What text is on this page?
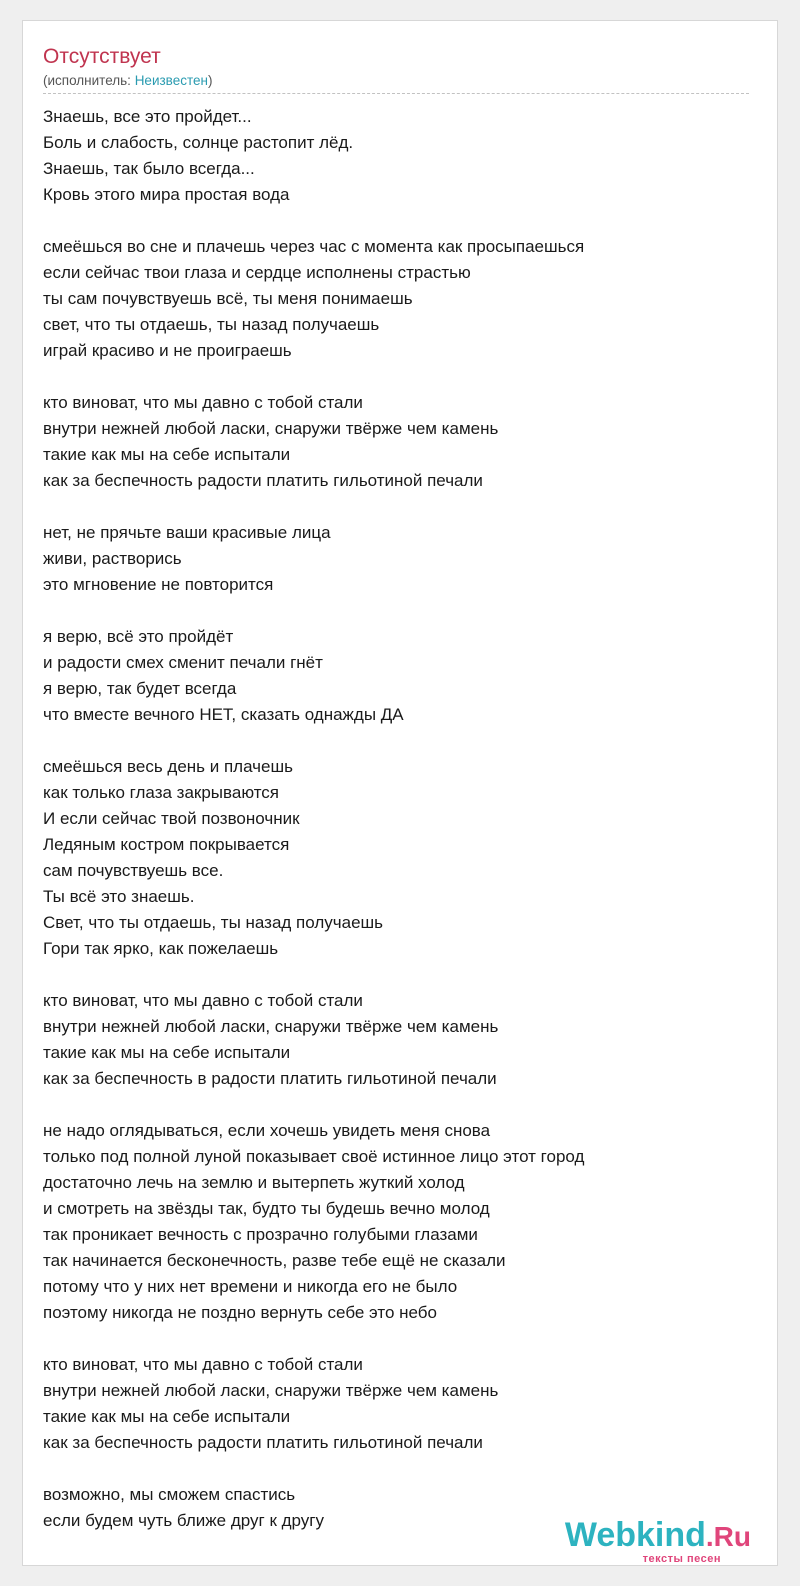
Отсутствует
(исполнитель: Неизвестен)
Знаешь, все это пройдет...
Боль и слабость, солнце растопит лёд.
Знаешь, так было всегда...
Кровь этого мира простая вода
смеёшься во сне и плачешь через час с момента как просыпаешься
если сейчас твои глаза и сердце исполнены страстью
ты сам почувствуешь всё, ты меня понимаешь
свет, что ты отдаешь, ты назад получаешь
играй красиво и не проиграешь
кто виноват, что мы давно с тобой стали
внутри нежней любой ласки, снаружи твёрже чем камень
такие как мы на себе испытали
как за беспечность радости платить гильотиной печали
нет, не прячьте ваши красивые лица
живи, растворись
это мгновение не повторится
я верю, всё это пройдёт
и радости смех сменит печали гнёт
я верю, так будет всегда
что вместе вечного НЕТ, сказать однажды ДА
смеёшься весь день и плачешь
как только глаза закрываются
И если сейчас твой позвоночник
Ледяным костром покрывается
сам почувствуешь все.
Ты всё это знаешь.
Свет, что ты отдаешь, ты назад получаешь
Гори так ярко, как пожелаешь
кто виноват, что мы давно с тобой стали
внутри нежней любой ласки, снаружи твёрже чем камень
такие как мы на себе испытали
как за беспечность в радости платить гильотиной печали
не надо оглядываться, если хочешь увидеть меня снова
только под полной луной показывает своё истинное лицо этот город
достаточно лечь на землю и вытерпеть жуткий холод
и смотреть на звёзды так, будто ты будешь вечно молод
так проникает вечность с прозрачно голубыми глазами
так начинается бесконечность, разве тебе ещё не сказали
потому что у них нет времени и никогда его не было
поэтому никогда не поздно вернуть себе это небо
кто виноват, что мы давно с тобой стали
внутри нежней любой ласки, снаружи твёрже чем камень
такие как мы на себе испытали
как за беспечность радости платить гильотиной печали
возможно, мы сможем спастись
если будем чуть ближе друг к другу	Webkind.Ru
тексты песен
